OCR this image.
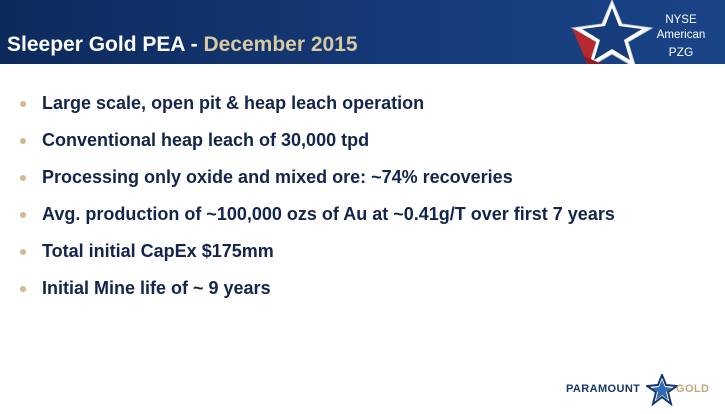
Sleeper Gold PEA - December 2015
NYSE
American
PZG
Large scale, open pit & heap leach operation
Conventional heap leach of 30,000 tpd
Processing only oxide and mixed ore: ~74% recoveries
Avg. production of ~100,000 ozs of Au at ~0.41g/T over first 7 years
Total initial CapEx $175mm
Initial Mine life of ~ 9 years
PARAMOUNT	GOLD
